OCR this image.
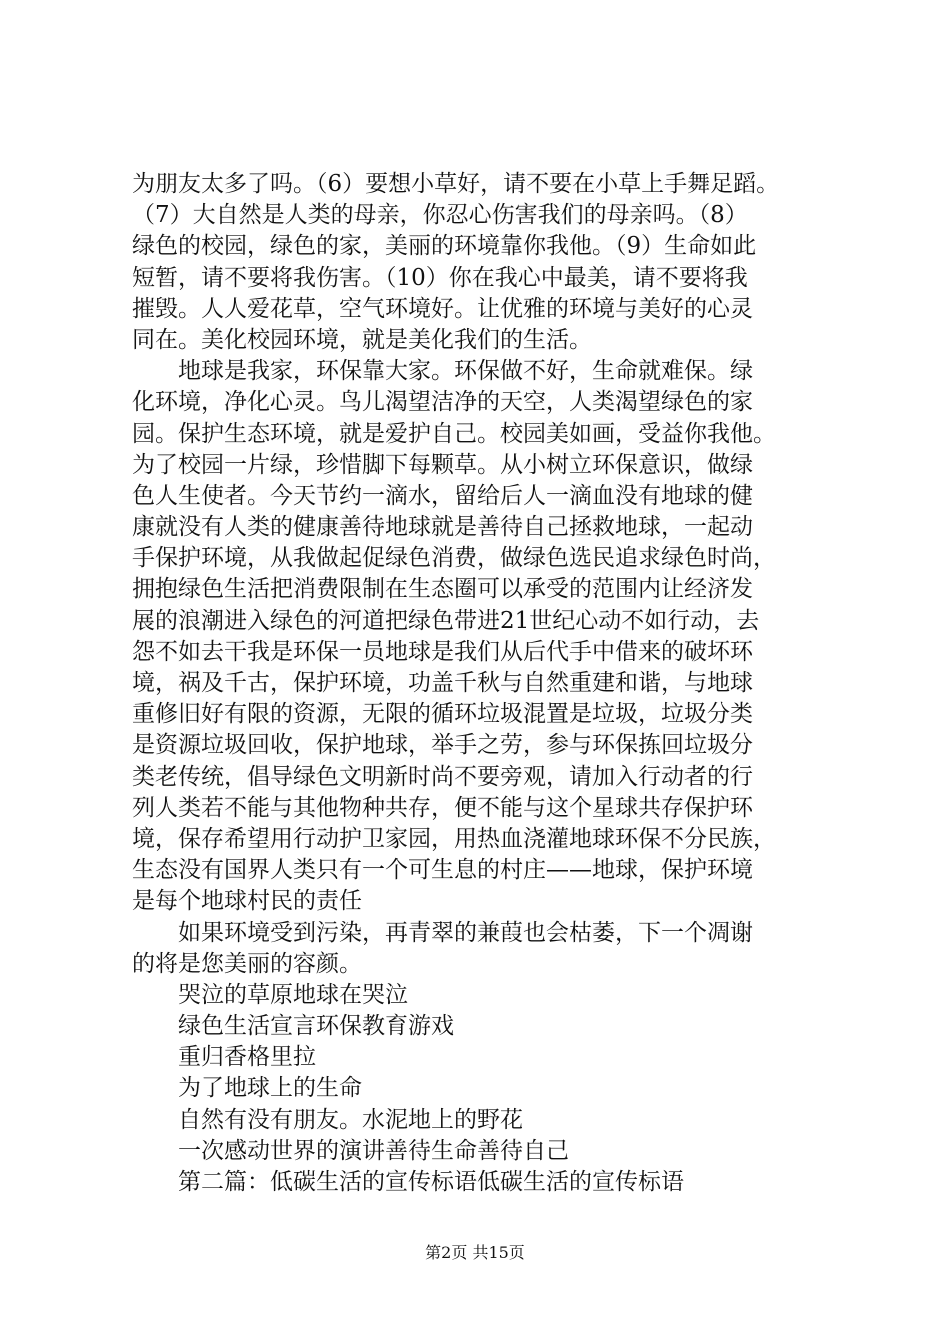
为朋友太多了吗。（6）要想小草好，请不要在小草上手舞足蹈。
（7）大自然是人类的母亲，你忍心伤害我们的母亲吗。（8）
绿色的校园，绿色的家，美丽的环境靠你我他。（9）生命如此
短暂，请不要将我伤害。（10）你在我心中最美，请不要将我
摧毁。人人爱花草，空气环境好。让优雅的环境与美好的心灵
同在。美化校园环境，就是美化我们的生活。
　　地球是我家，环保靠大家。环保做不好，生命就难保。绿
化环境，净化心灵。鸟儿渴望洁净的天空，人类渴望绿色的家
园。保护生态环境，就是爱护自己。校园美如画，受益你我他。
为了校园一片绿，珍惜脚下每颗草。从小树立环保意识，做绿
色人生使者。今天节约一滴水，留给后人一滴血没有地球的健
康就没有人类的健康善待地球就是善待自己拯救地球，一起动
手保护环境，从我做起促绿色消费，做绿色选民追求绿色时尚，
拥抱绿色生活把消费限制在生态圈可以承受的范围内让经济发
展的浪潮进入绿色的河道把绿色带进21世纪心动不如行动，去
怨不如去干我是环保一员地球是我们从后代手中借来的破坏环
境，祸及千古，保护环境，功盖千秋与自然重建和谐，与地球
重修旧好有限的资源，无限的循环垃圾混置是垃圾，垃圾分类
是资源垃圾回收，保护地球，举手之劳，参与环保拣回垃圾分
类老传统，倡导绿色文明新时尚不要旁观，请加入行动者的行
列人类若不能与其他物种共存，便不能与这个星球共存保护环
境，保存希望用行动护卫家园，用热血浇灌地球环保不分民族，
生态没有国界人类只有一个可生息的村庄——地球，保护环境
是每个地球村民的责任
　　如果环境受到污染，再青翠的兼葭也会枯萎，下一个凋谢
的将是您美丽的容颜。
　　哭泣的草原地球在哭泣
　　绿色生活宣言环保教育游戏
　　重归香格里拉
　　为了地球上的生命
　　自然有没有朋友。水泥地上的野花
　　一次感动世界的演讲善待生命善待自己
　　第二篇：低碳生活的宣传标语低碳生活的宣传标语
第2页 共15页
